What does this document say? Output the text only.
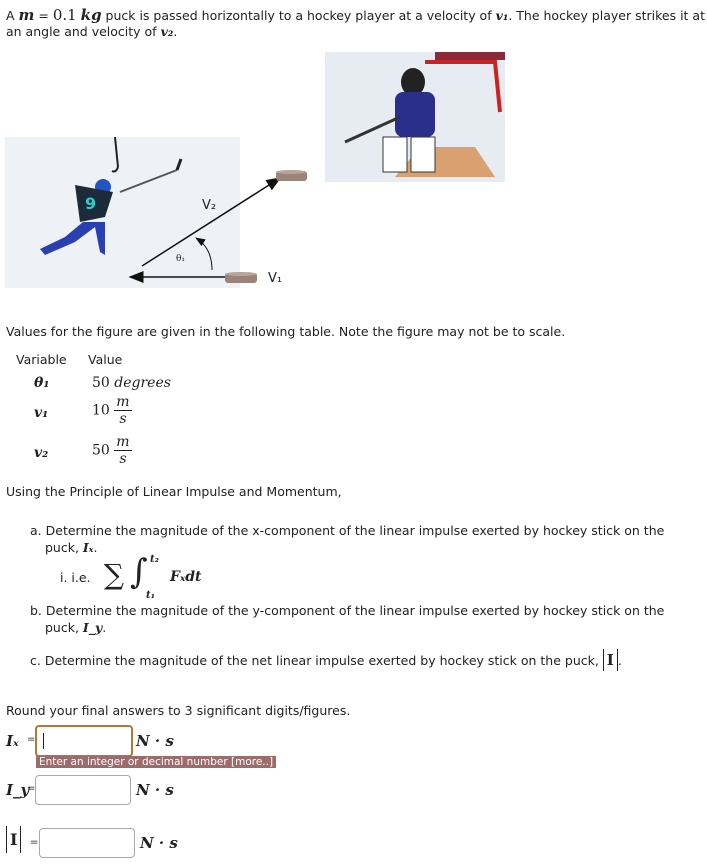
A m = 0.1 kg puck is passed horizontally to a hockey player at a velocity of v₁. The hockey player strikes it at
an angle and velocity of v₂.
9	V₂
V₁
θ₁
Values for the figure are given in the following table. Note the figure may not be to scale.
Variable Value
θ₁	50 degrees
v₁	$10 \frac{m}{s}$
v₂	$50 \frac{m}{s}$
Using the Principle of Linear Impulse and Momentum,
a. Determine the magnitude of the x-component of the linear impulse exerted by hockey stick on the
puck, Iₓ.
i. i.e. ∑ ∫ t₂
t₁
Fₓdt
b. Determine the magnitude of the y-component of the linear impulse exerted by hockey stick on the
puck, I_y.
c. Determine the magnitude of the net linear impulse exerted by hockey stick on the puck, I .
Round your final answers to 3 significant digits/figures.
Iₓ =	N · s
Enter an integer or decimal number [more..]
I_y
=	N · s
I	=	N · s
